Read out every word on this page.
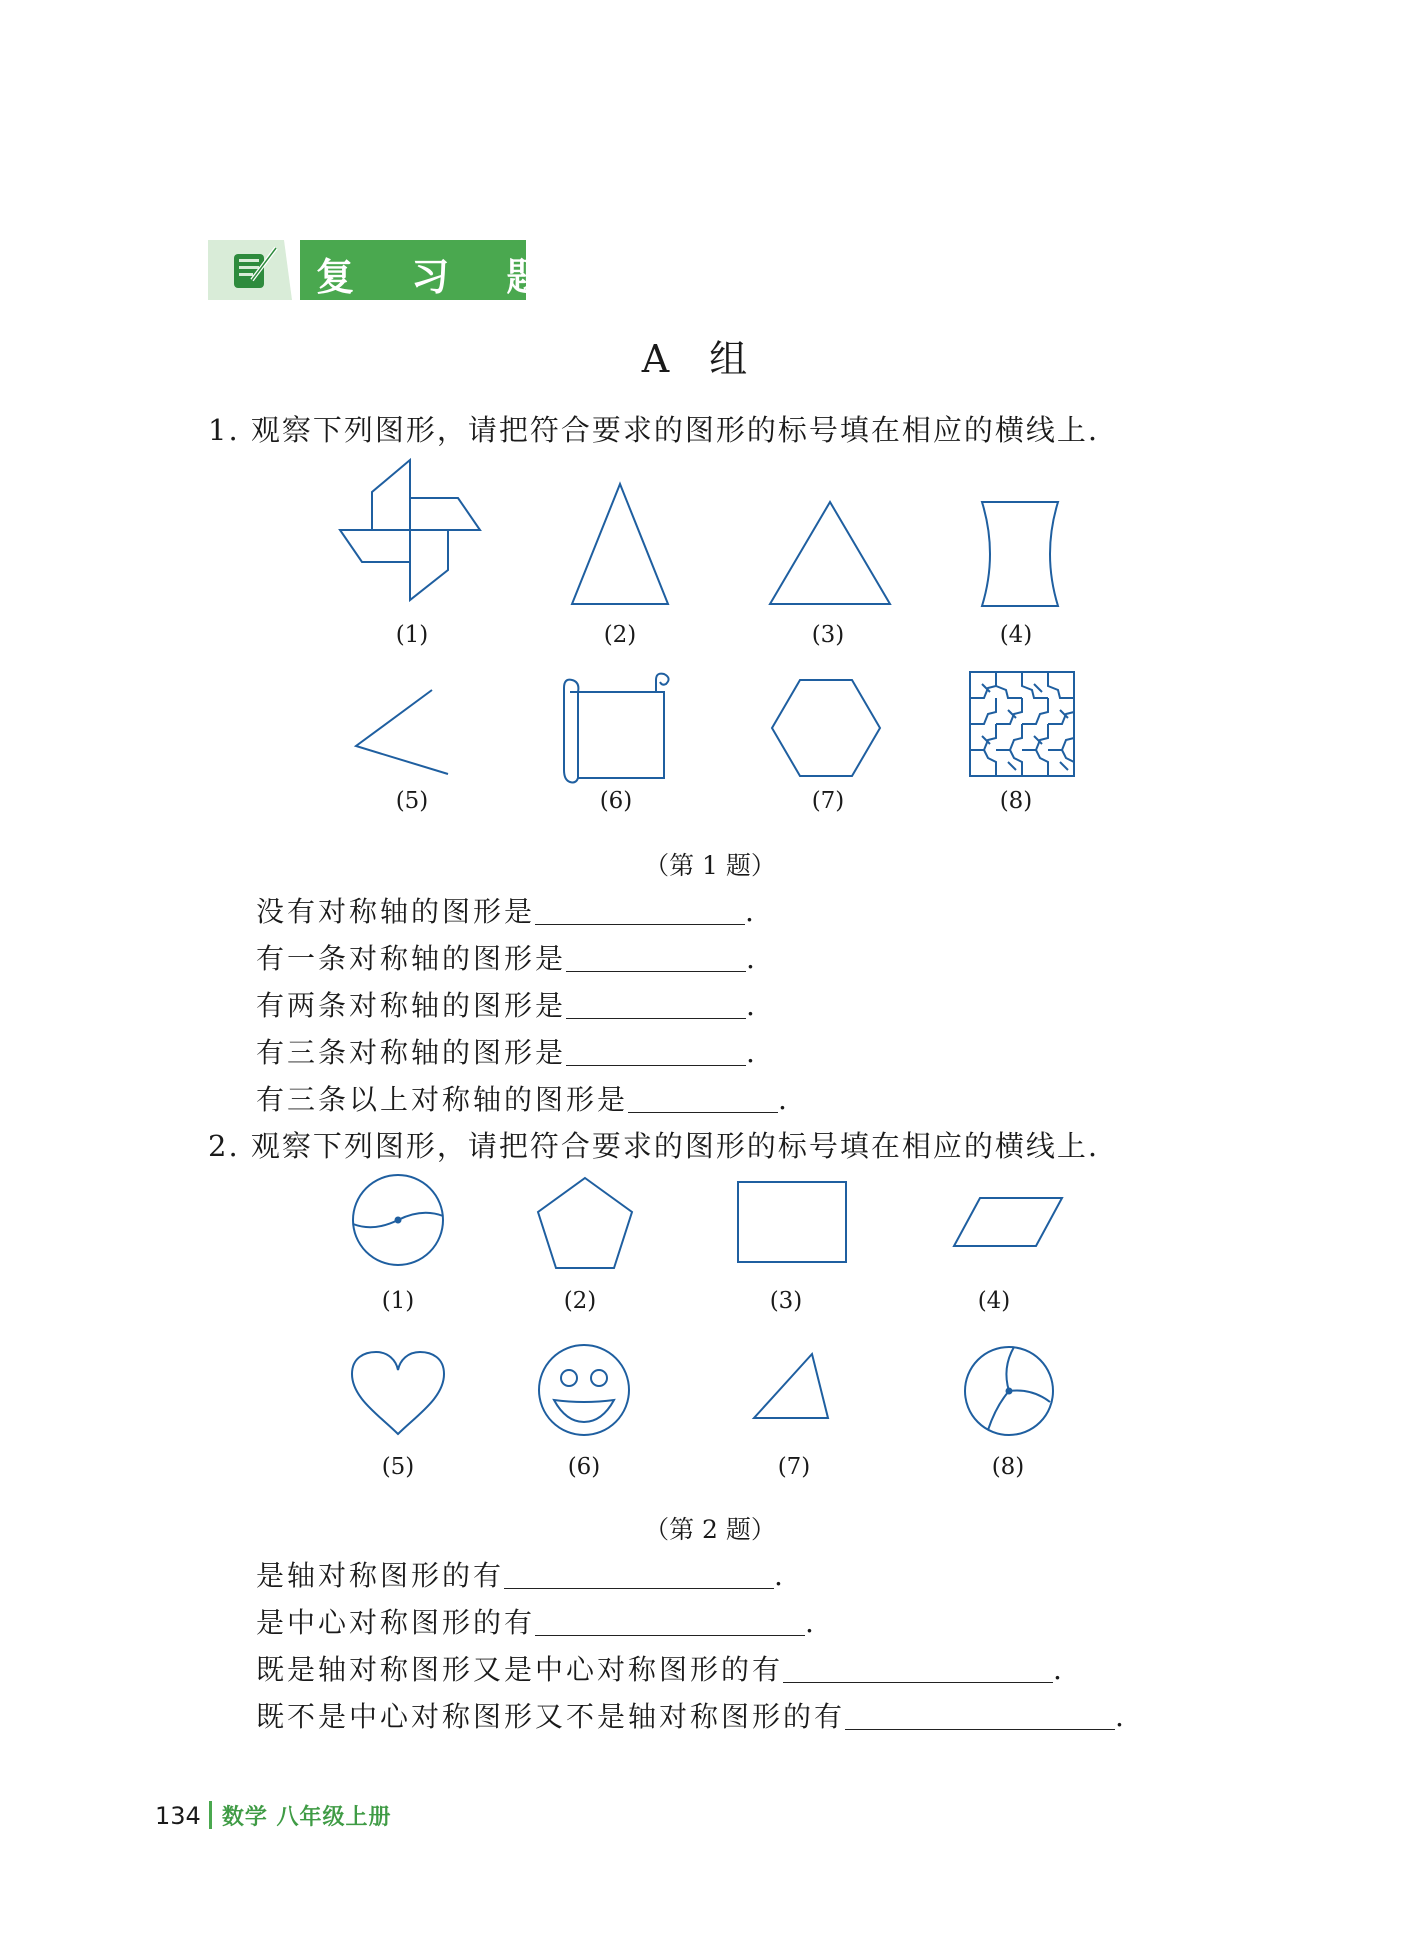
复 习 题
A 组
1. 观察下列图形，请把符合要求的图形的标号填在相应的横线上.
(1)	(2)	(3)	(4)
(5)	(6)	(7)	(8)
（第 1 题）
没有对称轴的图形是	.
有一条对称轴的图形是	.
有两条对称轴的图形是	.
有三条对称轴的图形是	.
有三条以上对称轴的图形是	.
2. 观察下列图形，请把符合要求的图形的标号填在相应的横线上.
(1)	(2)	(3)	(4)
(5)	(6)	(7)	(8)
（第 2 题）
是轴对称图形的有	.
是中心对称图形的有	.
既是轴对称图形又是中心对称图形的有	.
既不是中心对称图形又不是轴对称图形的有	.
134 数学 八年级上册
